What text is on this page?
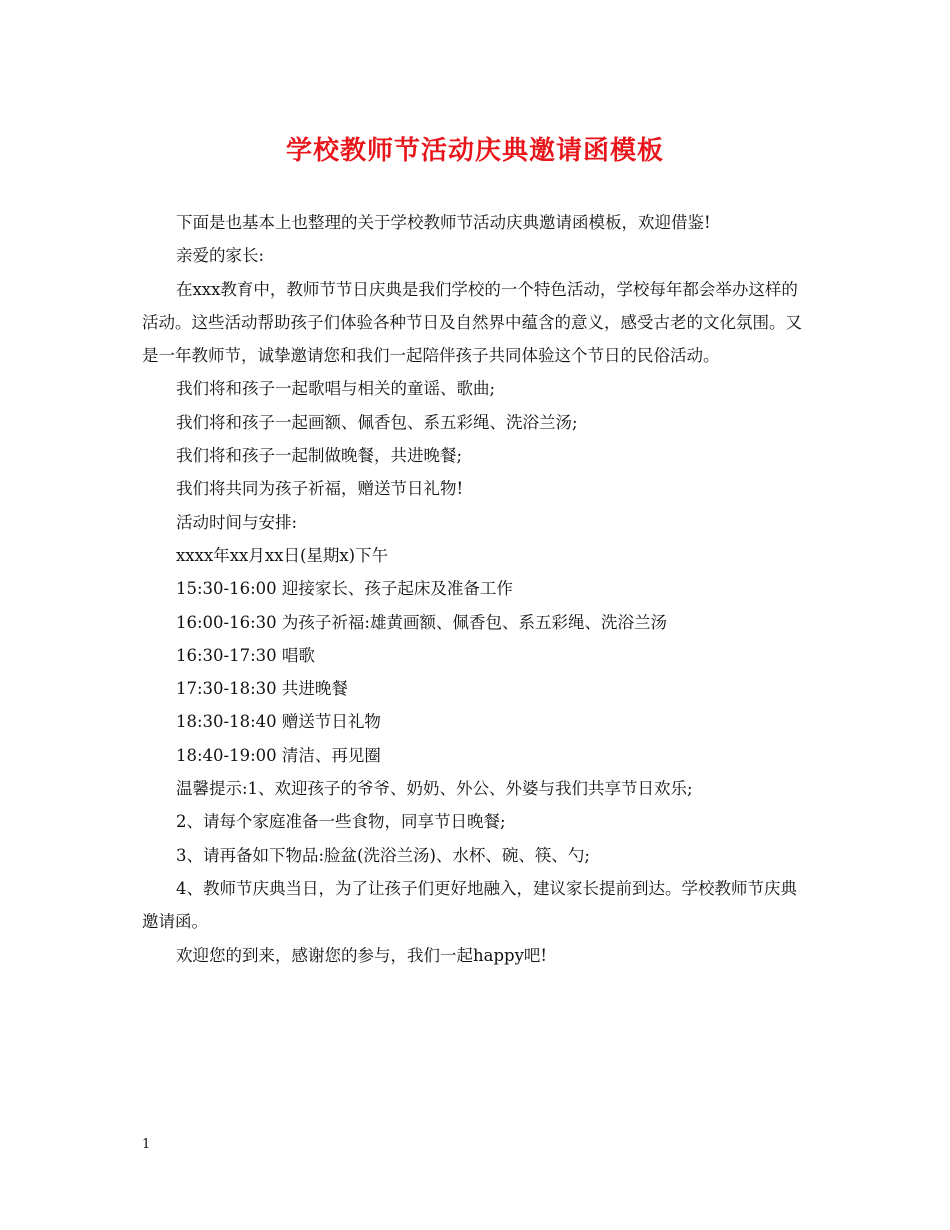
学校教师节活动庆典邀请函模板

下面是也基本上也整理的关于学校教师节活动庆典邀请函模板，欢迎借鉴!

亲爱的家长:

在xxx教育中，教师节节日庆典是我们学校的一个特色活动，学校每年都会举办这样的活动。这些活动帮助孩子们体验各种节日及自然界中蕴含的意义，感受古老的文化氛围。又是一年教师节，诚挚邀请您和我们一起陪伴孩子共同体验这个节日的民俗活动。

我们将和孩子一起歌唱与相关的童谣、歌曲;

我们将和孩子一起画额、佩香包、系五彩绳、洗浴兰汤;

我们将和孩子一起制做晚餐，共进晚餐;

我们将共同为孩子祈福，赠送节日礼物!

活动时间与安排:

xxxx年xx月xx日(星期x)下午

15:30-16:00 迎接家长、孩子起床及准备工作

16:00-16:30 为孩子祈福:雄黄画额、佩香包、系五彩绳、洗浴兰汤

16:30-17:30 唱歌

17:30-18:30 共进晚餐

18:30-18:40 赠送节日礼物

18:40-19:00 清洁、再见圈

温馨提示:1、欢迎孩子的爷爷、奶奶、外公、外婆与我们共享节日欢乐;

2、请每个家庭准备一些食物，同享节日晚餐;

3、请再备如下物品:脸盆(洗浴兰汤)、水杯、碗、筷、勺;

4、教师节庆典当日，为了让孩子们更好地融入，建议家长提前到达。学校教师节庆典邀请函。

欢迎您的到来，感谢您的参与，我们一起happy吧!

1
